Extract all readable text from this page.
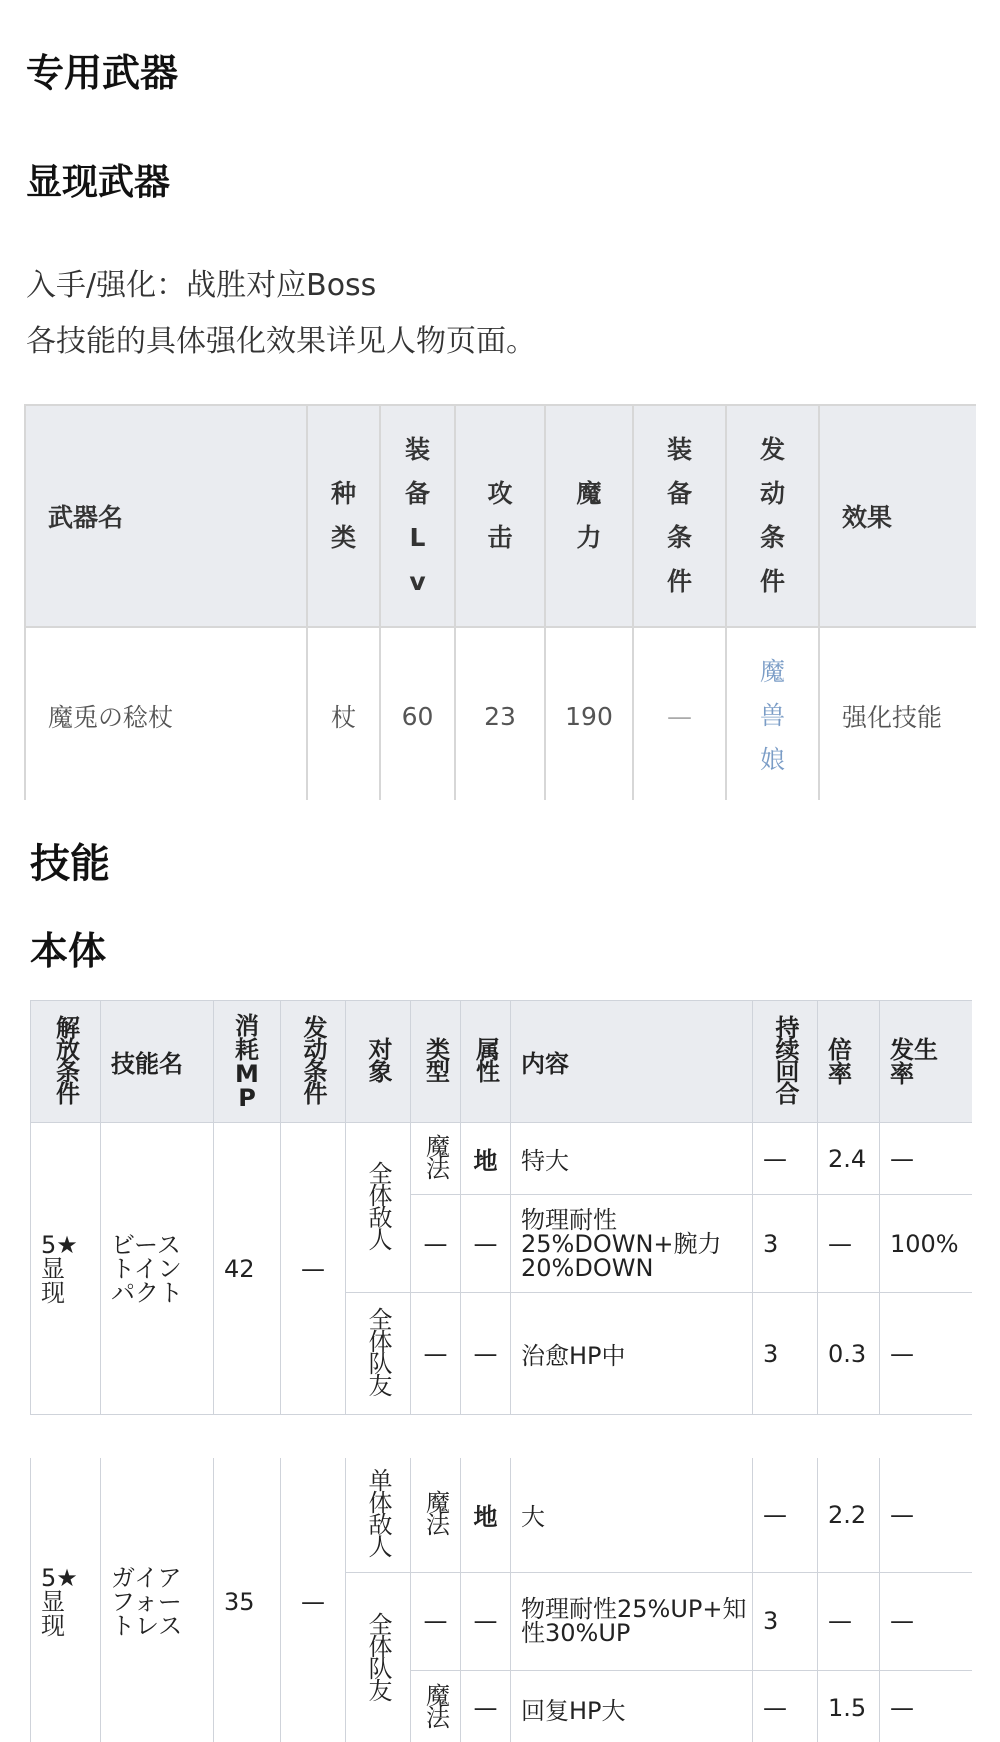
专用武器
显现武器

入手/强化：战胜对应Boss

各技能的具体强化效果详见人物页面。

武器名	种类	装备Lv	攻击	魔力	装备条件	发动条件	效果
魔兎の稔杖	杖	60	23	190	—	魔兽娘	强化技能
技能
本体
解放条件	技能名	消耗MP	发动条件	对象	类型	属性	内容	持续回合	倍率	发生率

5★显现	ビーストインパクト	42	—	全体敌人	魔法	地	特大	—	2.4	—
					—	—	物理耐性25%DOWN+腕力20%DOWN	3	—	100%
				全体队友	—	—	治愈HP中	3	0.3	—
5★显现	ガイアフォートレス	35	—	单体敌人	魔法	地	大	—	2.2	—
				全体队友	—	—	物理耐性25%UP+知性30%UP	3	—	—
					魔法	—	回复HP大	—	1.5	—
